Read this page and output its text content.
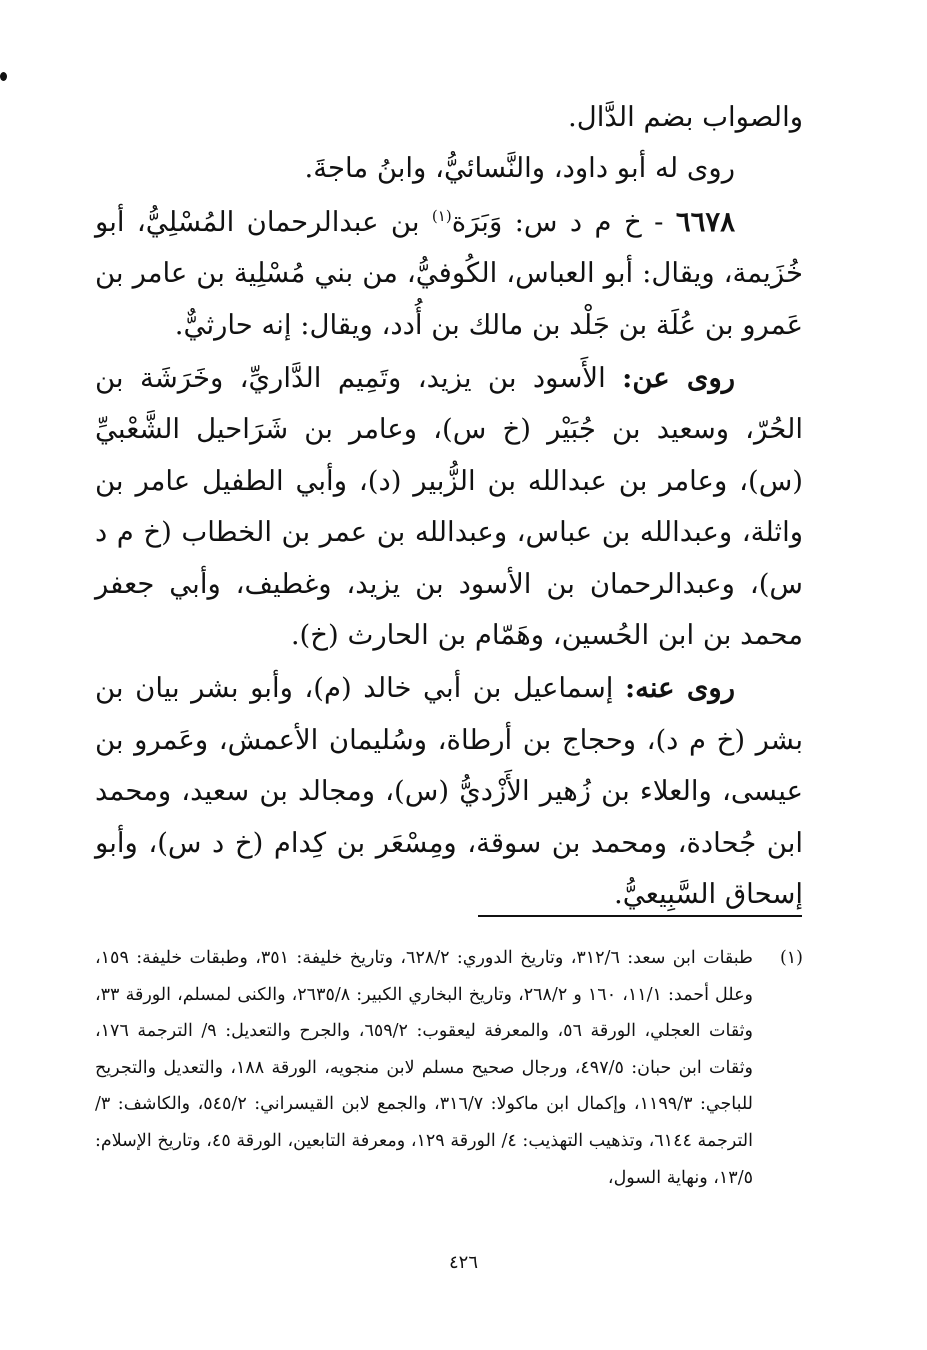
والصواب بضم الدَّال.

روى له أبو داود، والنَّسائيُّ، وابنُ ماجةَ.

٦٦٧٨ - خ م د س: وَبَرَة$^{(١)}$ بن عبدالرحمان المُسْلِيُّ، أبو خُزَيمة، ويقال: أبو العباس، الكُوفيُّ، من بني مُسْلِية بن عامر بن عَمرو بن عُلَة بن جَلْد بن مالك بن أُدد، ويقال: إنه حارثيٌّ.

روى عن: الأَسود بن يزيد، وتَمِيم الدَّاريِّ، وخَرَشَة بن الحُرّ، وسعيد بن جُبَيْر (خ س)، وعامر بن شَرَاحيل الشَّعْبيِّ (س)، وعامر بن عبدالله بن الزُّبير (د)، وأبي الطفيل عامر بن واثلة، وعبدالله بن عباس، وعبدالله بن عمر بن الخطاب (خ م د س)، وعبدالرحمان بن الأسود بن يزيد، وغطيف، وأبي جعفر محمد بن ابن الحُسين، وهَمّام بن الحارث (خ).

روى عنه: إسماعيل بن أبي خالد (م)، وأبو بشر بيان بن بشر (خ م د)، وحجاج بن أرطاة، وسُليمان الأعمش، وعَمرو بن عيسى، والعلاء بن زُهير الأَزْديُّ (س)، ومجالد بن سعيد، ومحمد ابن جُحادة، ومحمد بن سوقة، ومِسْعَر بن كِدام (خ د س)، وأبو إسحاق السَّبِيعيُّ.

(١)
طبقات ابن سعد: ٣١٢/٦، وتاريخ الدوري: ٦٢٨/٢، وتاريخ خليفة: ٣٥١، وطبقات خليفة: ١٥٩، وعلل أحمد: ١١/١، ١٦٠ و ٢٦٨/٢، وتاريخ البخاري الكبير: ٢٦٣٥/٨، والكنى لمسلم، الورقة ٣٣، وثقات العجلي، الورقة ٥٦، والمعرفة ليعقوب: ٦٥٩/٢، والجرح والتعديل: ٩/ الترجمة ١٧٦، وثقات ابن حبان: ٤٩٧/٥، ورجال صحيح مسلم لابن منجويه، الورقة ١٨٨، والتعديل والتجريح للباجي: ١١٩٩/٣، وإكمال ابن ماكولا: ٣١٦/٧، والجمع لابن القيسراني: ٥٤٥/٢، والكاشف: ٣/ الترجمة ٦١٤٤، وتذهيب التهذيب: ٤/ الورقة ١٢٩، ومعرفة التابعين، الورقة ٤٥، وتاريخ الإسلام: ١٣/٥، ونهاية السول،
٤٢٦
